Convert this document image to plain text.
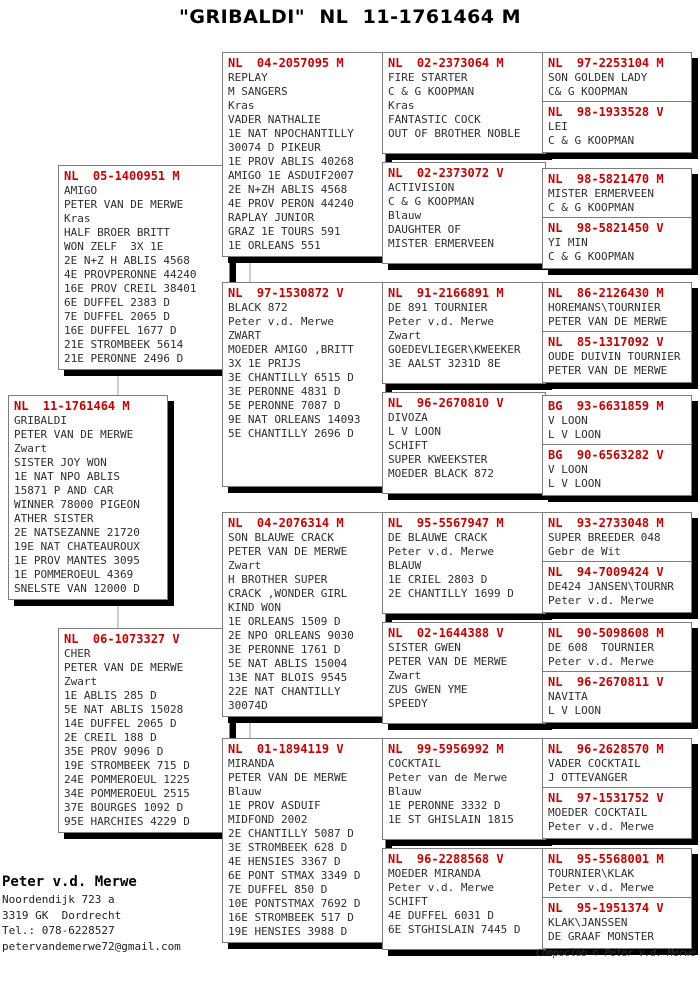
"GRIBALDI"  NL  11-1761464 M
NL  11-1761464 M
GRIBALDI
PETER VAN DE MERWE
Zwart
SISTER JOY WON
1E NAT NPO ABLIS
15871 P AND CAR
WINNER 78000 PIGEON
ATHER SISTER
2E NATSEZANNE 21720
19E NAT CHATEAUROUX
1E PROV MANTES 3095
1E POMMEROEUL 4369
SNELSTE VAN 12000 D
NL  05-1400951 M
AMIGO
PETER VAN DE MERWE
Kras
HALF BROER BRITT
WON ZELF  3X 1E
2E N+Z H ABLIS 4568
4E PROVPERONNE 44240
16E PROV CREIL 38401
6E DUFFEL 2383 D
7E DUFFEL 2065 D
16E DUFFEL 1677 D
21E STROMBEEK 5614
21E PERONNE 2496 D
NL  06-1073327 V
CHER
PETER VAN DE MERWE
Zwart
1E ABLIS 285 D
5E NAT ABLIS 15028
14E DUFFEL 2065 D
2E CREIL 188 D
35E PROV 9096 D
19E STROMBEEK 715 D
24E POMMEROEUL 1225
34E POMMEROEUL 2515
37E BOURGES 1092 D
95E HARCHIES 4229 D
NL  04-2057095 M
REPLAY
M SANGERS
Kras
VADER NATHALIE
1E NAT NPOCHANTILLY
30074 D PIKEUR
1E PROV ABLIS 40268
AMIGO 1E ASDUIF2007
2E N+ZH ABLIS 4568
4E PROV PERON 44240
RAPLAY JUNIOR
GRAZ 1E TOURS 591
1E ORLEANS 551
NL  97-1530872 V
BLACK 872
Peter v.d. Merwe
ZWART
MOEDER AMIGO ,BRITT
3X 1E PRIJS
3E CHANTILLY 6515 D
3E PERONNE 4831 D
5E PERONNE 7087 D
9E NAT ORLEANS 14093
5E CHANTILLY 2696 D
NL  04-2076314 M
SON BLAUWE CRACK
PETER VAN DE MERWE
Zwart
H BROTHER SUPER
CRACK ,WONDER GIRL
KIND WON
1E ORLEANS 1509 D
2E NPO ORLEANS 9030
3E PERONNE 1761 D
5E NAT ABLIS 15004
13E NAT BLOIS 9545
22E NAT CHANTILLY
30074D
NL  01-1894119 V
MIRANDA
PETER VAN DE MERWE
Blauw
1E PROV ASDUIF
MIDFOND 2002
2E CHANTILLY 5087 D
3E STROMBEEK 628 D
4E HENSIES 3367 D
6E PONT STMAX 3349 D
7E DUFFEL 850 D
10E PONTSTMAX 7692 D
16E STROMBEEK 517 D
19E HENSIES 3988 D
NL  02-2373064 M
FIRE STARTER
C & G KOOPMAN
Kras
FANTASTIC COCK
OUT OF BROTHER NOBLE
NL  02-2373072 V
ACTIVISION
C & G KOOPMAN
Blauw
DAUGHTER OF
MISTER ERMERVEEN
NL  91-2166891 M
DE 891 TOURNIER
Peter v.d. Merwe
Zwart
GOEDEVLIEGER\KWEEKER
3E AALST 3231D 8E
NL  96-2670810 V
DIVOZA
L V LOON
SCHIFT
SUPER KWEEKSTER
MOEDER BLACK 872
NL  95-5567947 M
DE BLAUWE CRACK
Peter v.d. Merwe
BLAUW
1E CRIEL 2803 D
2E CHANTILLY 1699 D
NL  02-1644388 V
SISTER GWEN
PETER VAN DE MERWE
Zwart
ZUS GWEN YME
SPEEDY
NL  99-5956992 M
COCKTAIL
Peter van de Merwe
Blauw
1E PERONNE 3332 D
1E ST GHISLAIN 1815
NL  96-2288568 V
MOEDER MIRANDA
Peter v.d. Merwe
SCHIFT
4E DUFFEL 6031 D
6E STGHISLAIN 7445 D
NL  97-2253104 M
SON GOLDEN LADY
C& G KOOPMAN
NL  98-1933528 V
LEI
C & G KOOPMAN
NL  98-5821470 M
MISTER ERMERVEEN
C & G KOOPMAN
NL  98-5821450 V
YI MIN
C & G KOOPMAN
NL  86-2126430 M
HOREMANS\TOURNIER
PETER VAN DE MERWE
NL  85-1317092 V
OUDE DUIVIN TOURNIER
PETER VAN DE MERWE
BG  93-6631859 M
V LOON
L V LOON
BG  90-6563282 V
V LOON
L V LOON
NL  93-2733048 M
SUPER BREEDER 048
Gebr de Wit
NL  94-7009424 V
DE424 JANSEN\TOURNR
Peter v.d. Merwe
NL  90-5098608 M
DE 608  TOURNIER
Peter v.d. Merwe
NL  96-2670811 V
NAVITA
L V LOON
NL  96-2628570 M
VADER COCKTAIL
J OTTEVANGER
NL  97-1531752 V
MOEDER COCKTAIL
Peter v.d. Merwe
NL  95-5568001 M
TOURNIER\KLAK
Peter v.d. Merwe
NL  95-1951374 V
KLAK\JANSSEN
DE GRAAF MONSTER
Peter v.d. Merwe
Noordendijk 723 a
3319 GK  Dordrecht
Tel.: 078-6228527
petervandemerwe72@gmail.com
Compuclub © Peter v.d. Merwe
